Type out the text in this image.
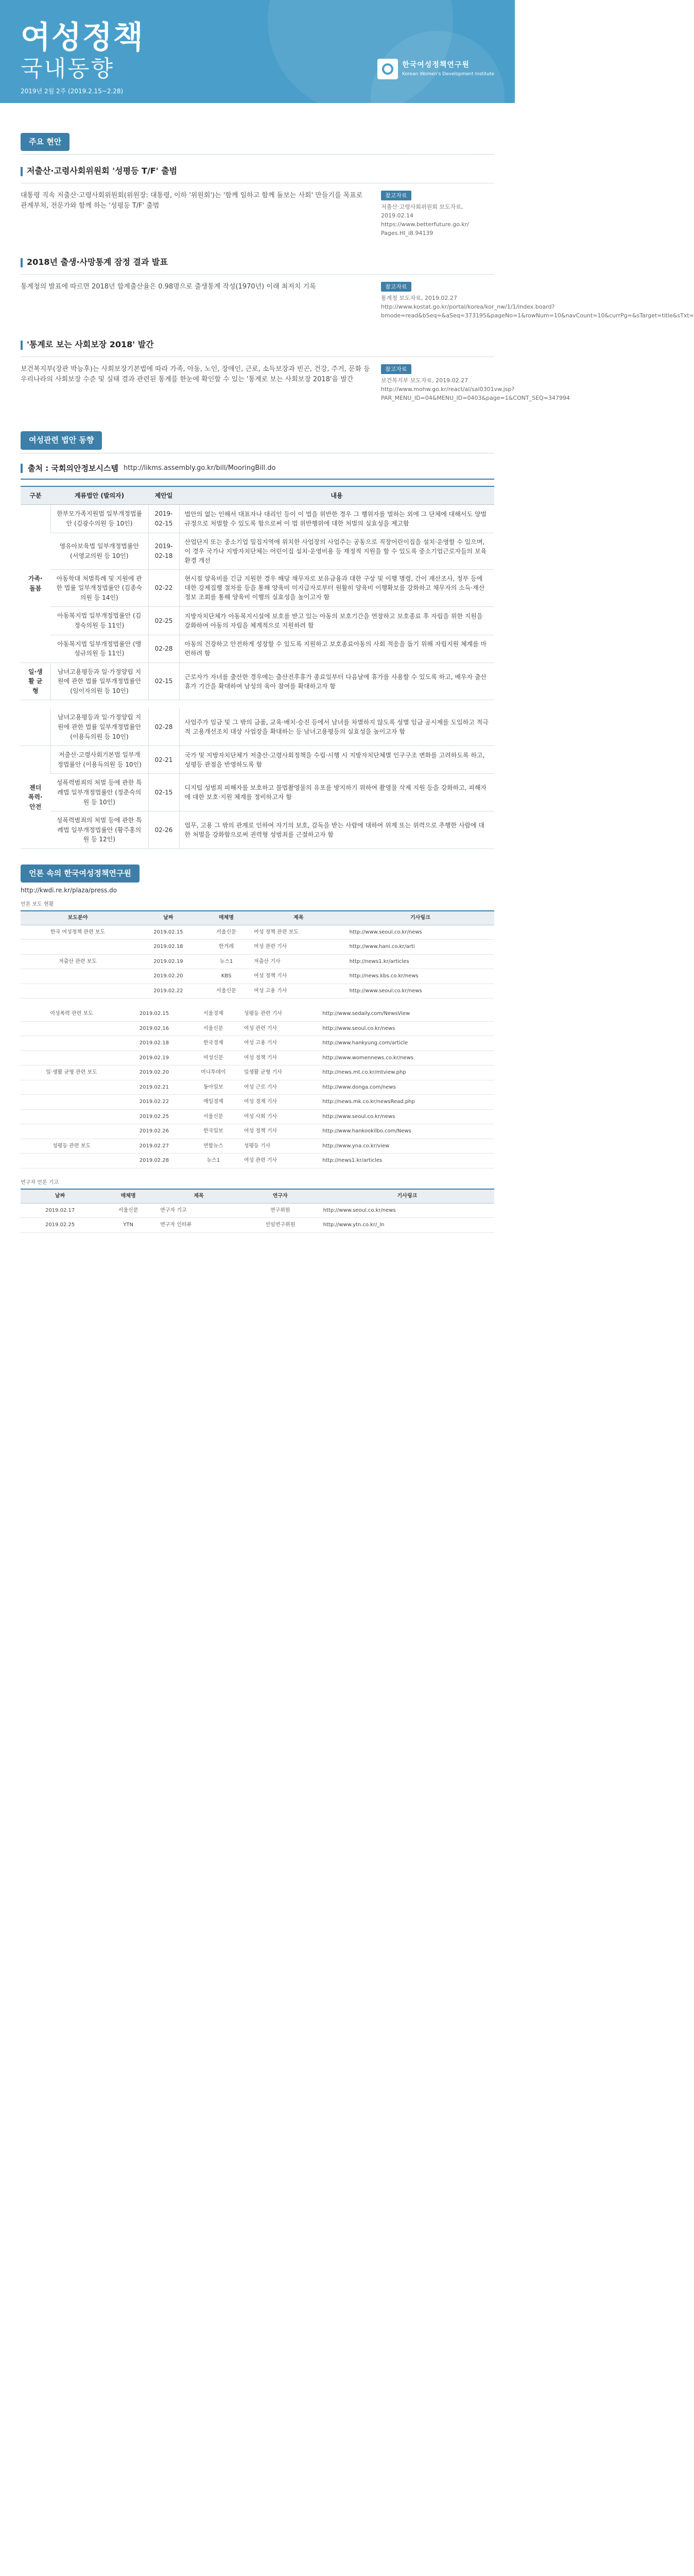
여성정책
국내동향
2019년 2월 2주 (2019.2.15~2.28)
한국여성정책연구원
Korean Women's Development Institute
주요 현안
저출산·고령사회위원회 '성평등 T/F' 출범
대통령 직속 저출산·고령사회위원회(위원장: 대통령, 이하 '위원회')는 '함께 일하고 함께 돌보는 사회' 만들기를 목표로 관계부처, 전문가와 함께 하는 '성평등 T/F' 출범
참고자료
저출산·고령사회위원회 보도자료, 2019.02.14 https://www.betterfuture.go.kr/ Pages.HI_i8.94139
2018년 출생·사망통계 잠정 결과 발표
통계청의 발표에 따르면 2018년 합계출산율은 0.98명으로 출생통계 작성(1970년) 이래 최저치 기록	참고자료
통계청 보도자료, 2019.02.27 http://www.kostat.go.kr/portal/korea/kor_nw/1/1/index.board?bmode=read&bSeq=&aSeq=373195&pageNo=1&rowNum=10&navCount=10&currPg=&sTarget=title&sTxt=
'통계로 보는 사회보장 2018' 발간
보건복지부(장관 박능후)는 사회보장기본법에 따라 가족, 아동, 노인, 장애인, 근로, 소득보장과 빈곤, 건강, 주거, 문화 등 우리나라의 사회보장 수준 및 실태 결과 관련된 통계를 한눈에 확인할 수 있는 '통계로 보는 사회보장 2018'을 발간
참고자료
보건복지부 보도자료, 2019.02.27 http://www.mohw.go.kr/react/al/sal0301vw.jsp?PAR_MENU_ID=04&MENU_ID=0403&page=1&CONT_SEQ=347994
여성관련 법안 동향
출처 : 국회의안정보시스템 http://likms.assembly.go.kr/bill/MooringBill.do
구분	계류법안 (발의자)	제안일	내용
가족·돌봄	한부모가족지원법 일부개정법률안 (김광수의원 등 10인)	2019-02-15	법안의 없는 인해서 대표자나 대리인 등이 이 법을 위반한 경우 그 행위자를 벌하는 외에 그 단체에 대해서도 양벌규정으로 처벌할 수 있도록 함으로써 이 법 위반행위에 대한 처벌의 실효성을 제고함
	영유아보육법 일부개정법률안 (서영교의원 등 10인)	2019-02-18	산업단지 또는 중소기업 밀집지역에 위치한 사업장의 사업주는 공동으로 직장어린이집을 설치·운영할 수 있으며, 이 경우 국가나 지방자치단체는 어린이집 설치·운영비용 등 재정적 지원을 할 수 있도록 중소기업근로자들의 보육환경 개선
	아동학대 처벌특례 및 지원에 관한 법률 일부개정법률안 (김종숙의원 등 14인)	02-22	현시점 양육비를 긴급 지원한 경우 해당 채무자로 보유금융과 대한 구상 및 이행 명령, 간이 재산조사, 정부 등에 대한 강제집행 절차를 등을 통해 양육비 미지급자로부터 원활히 양육비 이행확보를 강화하고 채무자의 소득·재산 정보 조회를 통해 양육비 이행의 실효성을 높이고자 함
	아동복지법 일부개정법률안 (김정숙의원 등 11인)	02-25	지방자치단체가 아동복지시설에 보호를 받고 있는 아동의 보호기간을 연장하고 보호종료 후 자립을 위한 지원을 강화하여 아동의 자립을 체계적으로 지원하려 함
	아동복지법 일부개정법률안 (맹성규의원 등 11인)	02-28	아동의 건강하고 안전하게 성장할 수 있도록 지원하고 보호종료아동의 사회 적응을 돕기 위해 자립지원 체계를 마련하려 함
일·생활 균형	남녀고용평등과 일·가정양립 지원에 관한 법률 일부개정법률안 (임이자의원 등 10인)	02-15	근로자가 자녀를 출산한 경우에는 출산전후휴가 종료일부터 다음날에 휴가를 사용할 수 있도록 하고, 배우자 출산휴가 기간을 확대하여 남성의 육아 참여를 확대하고자 함
	남녀고용평등과 일·가정양립 지원에 관한 법률 일부개정법률안 (이용득의원 등 10인)	02-28	사업주가 임금 및 그 밖의 금품, 교육·배치·승진 등에서 남녀를 차별하지 않도록 성별 임금 공시제를 도입하고 적극적 고용개선조치 대상 사업장을 확대하는 등 남녀고용평등의 실효성을 높이고자 함
젠더 폭력·안전	저출산·고령사회기본법 일부개정법률안 (이용득의원 등 10인)	02-21	국가 및 지방자치단체가 저출산·고령사회정책을 수립·시행 시 지방자치단체별 인구구조 변화를 고려하도록 하고, 성평등 관점을 반영하도록 함
	성폭력범죄의 처벌 등에 관한 특례법 일부개정법률안 (정춘숙의원 등 10인)	02-15	디지털 성범죄 피해자를 보호하고 불법촬영물의 유포를 방지하기 위하여 촬영물 삭제 지원 등을 강화하고, 피해자에 대한 보호·지원 체계를 정비하고자 함
	성폭력범죄의 처벌 등에 관한 특례법 일부개정법률안 (황주홍의원 등 12인)	02-26	업무, 고용 그 밖의 관계로 인하여 자기의 보호, 감독을 받는 사람에 대하여 위계 또는 위력으로 추행한 사람에 대한 처벌을 강화함으로써 권력형 성범죄를 근절하고자 함
언론 속의 한국여성정책연구원
http://kwdi.re.kr/plaza/press.do
언론 보도 현황
보도분야	날짜	매체명	제목	기사링크
한국 여성정책 관련 보도	2019.02.15	서울신문	여성 정책 관련 보도	http://www.seoul.co.kr/news
	2019.02.18	한겨레	여성 관련 기사	http://www.hani.co.kr/arti
저출산 관련 보도	2019.02.19	뉴스1	저출산 기사	http://news1.kr/articles
	2019.02.20	KBS	여성 정책 기사	http://news.kbs.co.kr/news
	2019.02.22	서울신문	여성 고용 기사	http://www.seoul.co.kr/news
여성폭력 관련 보도	2019.02.15	서울경제	성평등 관련 기사	http://www.sedaily.com/NewsView
	2019.02.16	서울신문	여성 관련 기사	http://www.seoul.co.kr/news
	2019.02.18	한국경제	여성 고용 기사	http://www.hankyung.com/article
	2019.02.19	여성신문	여성 정책 기사	http://www.womennews.co.kr/news
일·생활 균형 관련 보도	2019.02.20	머니투데이	일생활 균형 기사	http://news.mt.co.kr/mtview.php
	2019.02.21	동아일보	여성 근로 기사	http://www.donga.com/news
	2019.02.22	매일경제	여성 경제 기사	http://news.mk.co.kr/newsRead.php
	2019.02.25	서울신문	여성 사회 기사	http://www.seoul.co.kr/news
	2019.02.26	한국일보	여성 정책 기사	http://www.hankookilbo.com/News
성평등 관련 보도	2019.02.27	연합뉴스	성평등 기사	http://www.yna.co.kr/view
	2019.02.28	뉴스1	여성 관련 기사	http://news1.kr/articles
연구자 언론 기고
날짜	매체명	제목	연구자	기사링크
2019.02.17	서울신문	연구자 기고	연구위원	http://www.seoul.co.kr/news
2019.02.25	YTN	연구자 인터뷰	선임연구위원	http://www.ytn.co.kr/_ln
